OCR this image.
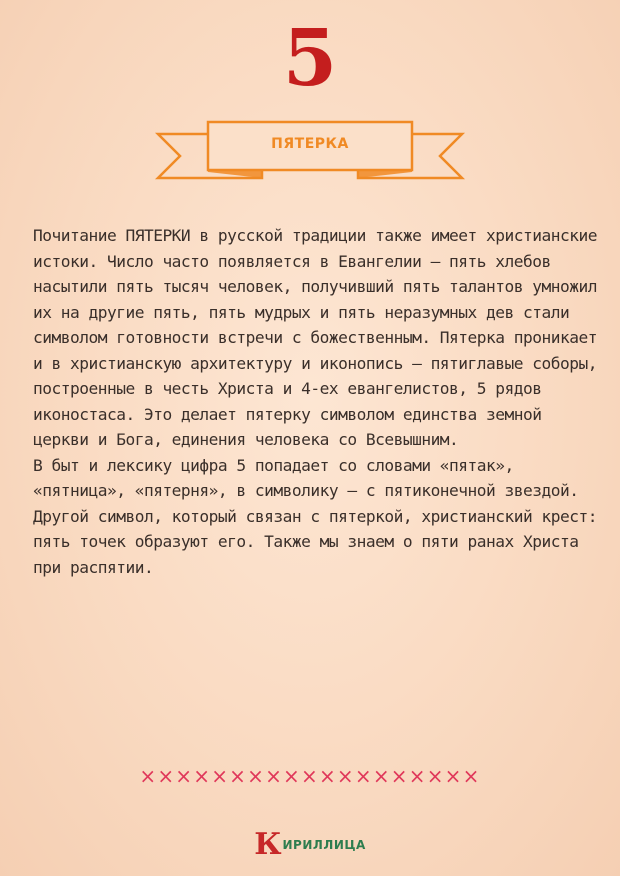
5
ПЯТЕРКА

Почитание ПЯТЕРКИ в русской традиции также имеет христианские истоки. Число часто появляется в Евангелии – пять хлебов насытили пять тысяч человек, получивший пять талантов умножил их на другие пять, пять мудрых и пять неразумных дев стали символом готовности встречи с божественным. Пятерка проникает и в христианскую архитектуру и иконопись – пятиглавые соборы, построенные в честь Христа и 4-ех евангелистов, 5 рядов иконостаса. Это делает пятерку символом единства земной церкви и Бога, единения человека со Всевышним.

В быт и лексику цифра 5 попадает со словами «пятак», «пятница», «пятерня», в символику – с пятиконечной звездой. Другой символ, который связан с пятеркой, христианский крест: пять точек образуют его. Также мы знаем о пяти ранах Христа при распятии.

×××××××××××××××××××
КИРИЛЛИЦА
